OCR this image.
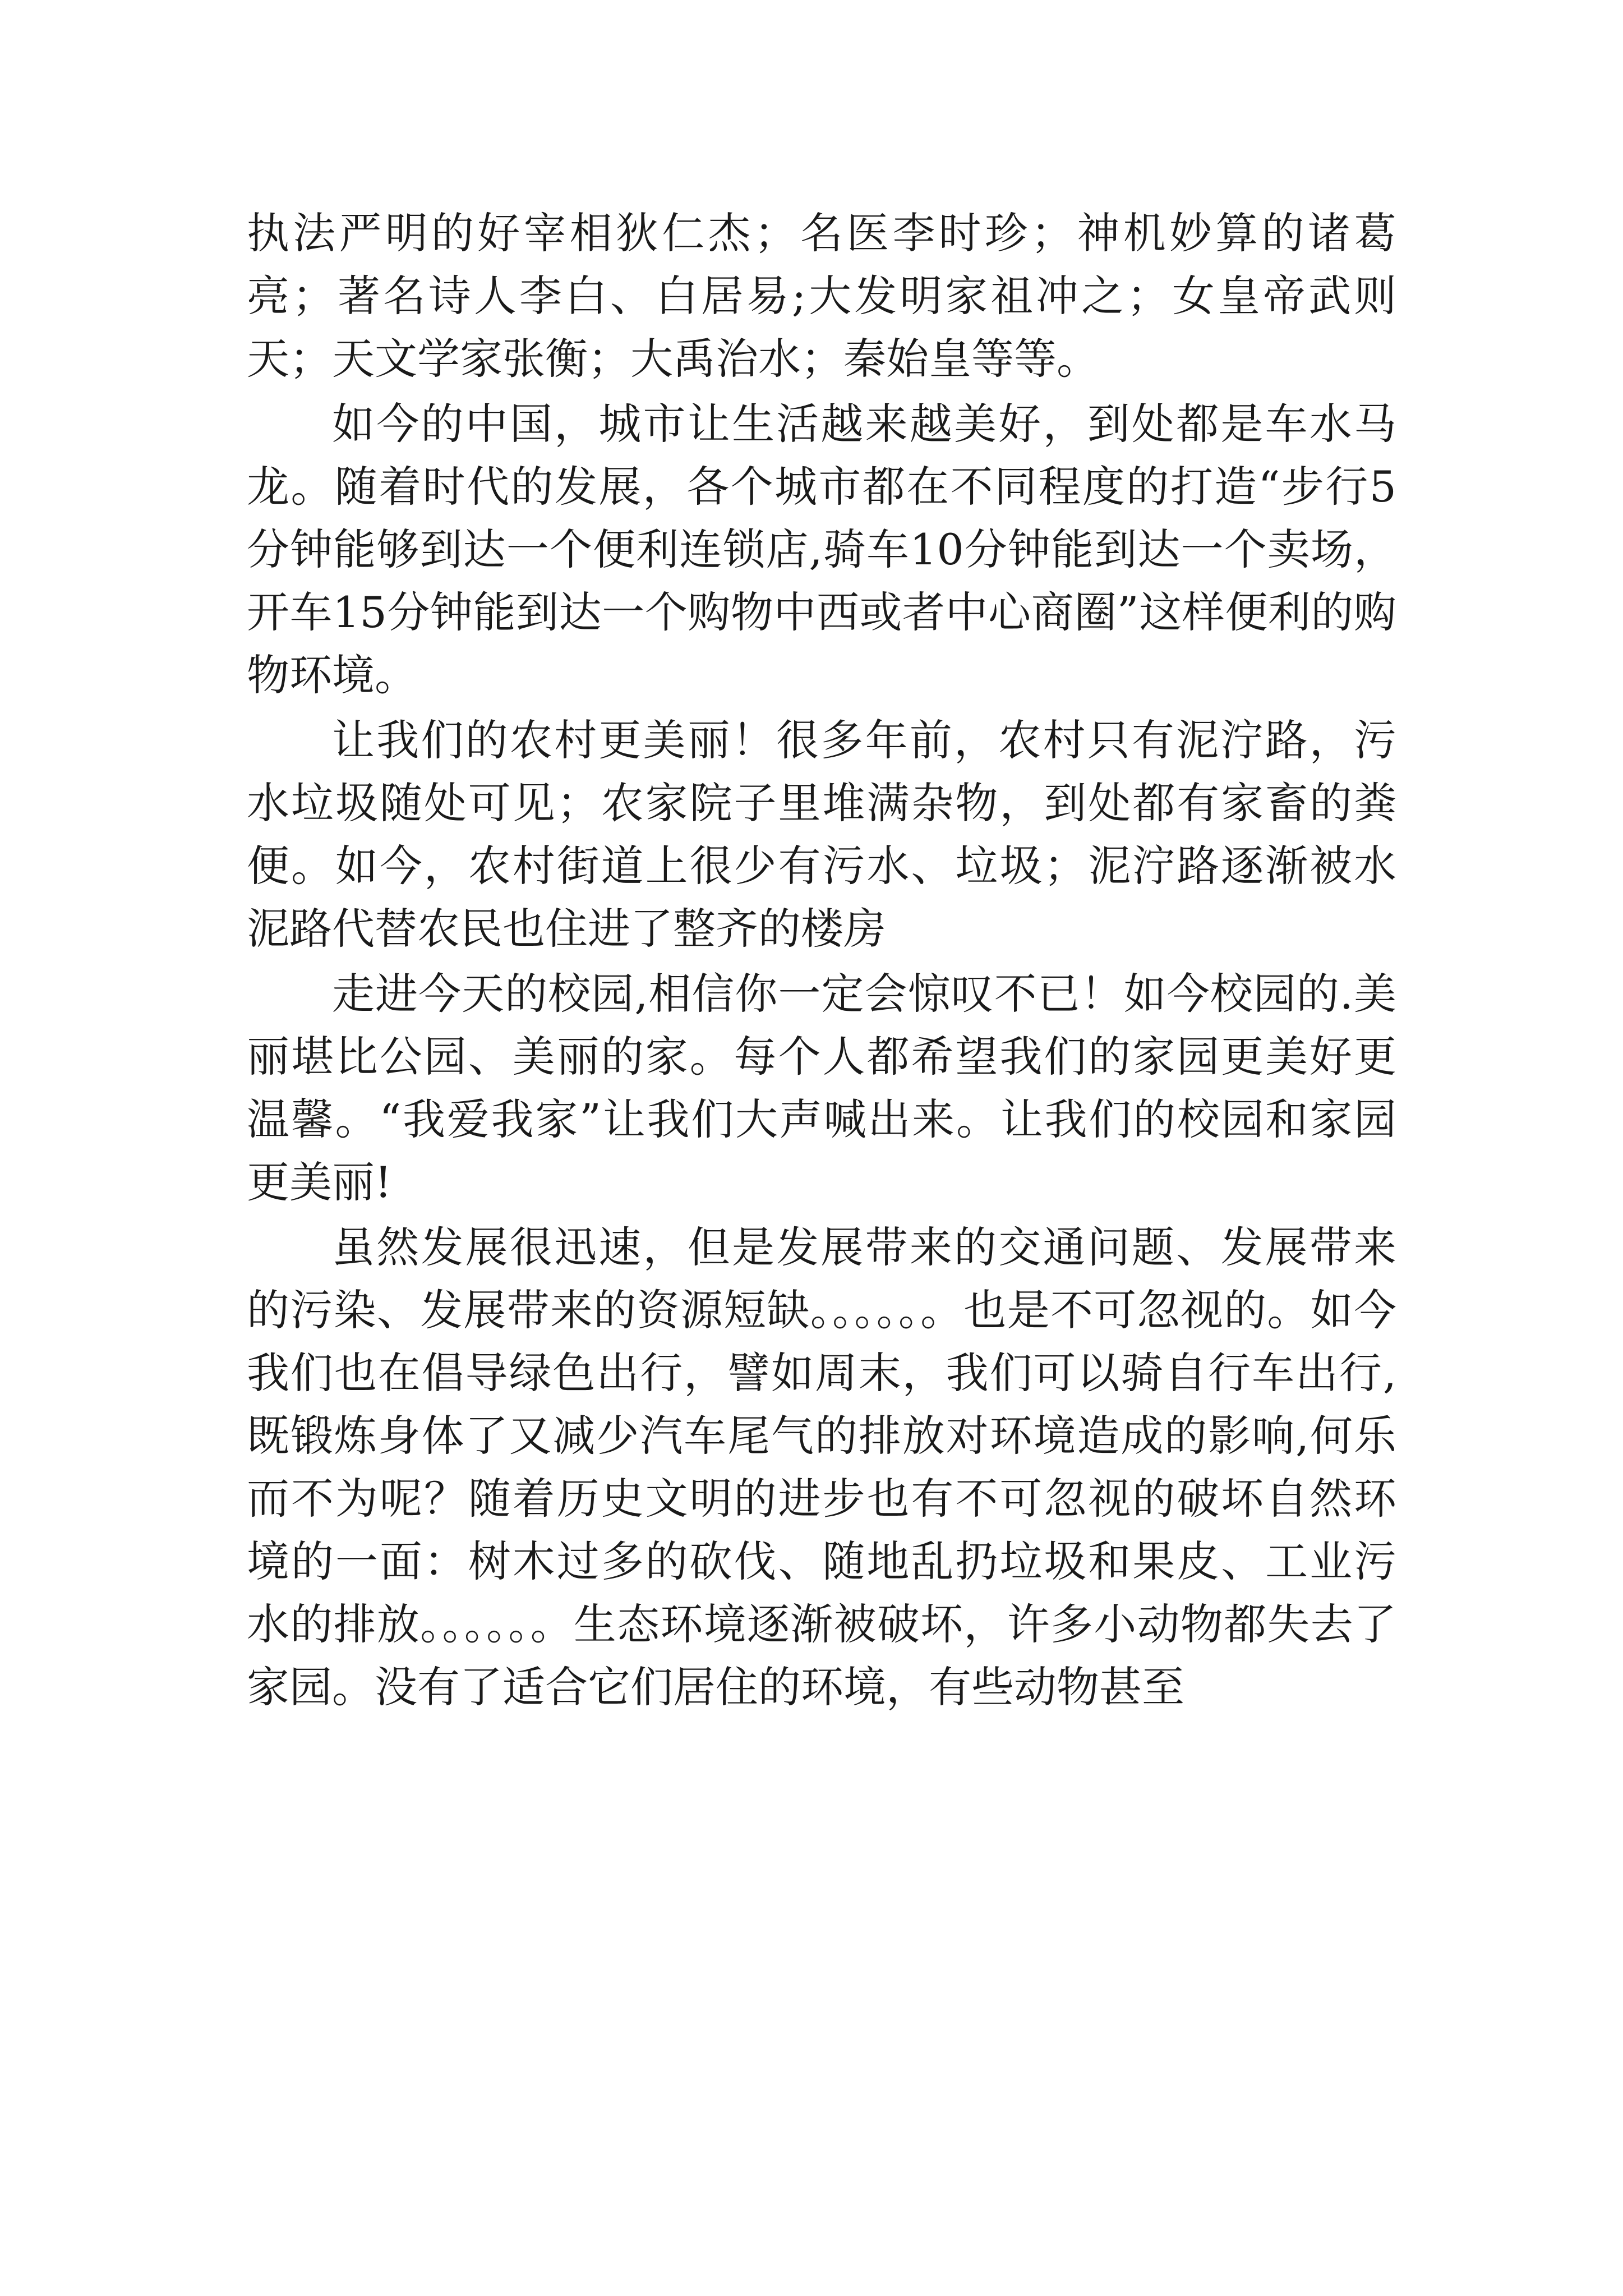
执法严明的好宰相狄仁杰；名医李时珍；神机妙算的诸葛亮；著名诗人李白、白居易;大发明家祖冲之；女皇帝武则天；天文学家张衡；大禹治水；秦始皇等等。

如今的中国，城市让生活越来越美好，到处都是车水马龙。随着时代的发展，各个城市都在不同程度的打造“步行5分钟能够到达一个便利连锁店,骑车10分钟能到达一个卖场，开车15分钟能到达一个购物中西或者中心商圈”这样便利的购物环境。

让我们的农村更美丽！很多年前，农村只有泥泞路，污水垃圾随处可见；农家院子里堆满杂物，到处都有家畜的粪便。如今，农村街道上很少有污水、垃圾；泥泞路逐渐被水泥路代替农民也住进了整齐的楼房

走进今天的校园,相信你一定会惊叹不已！如今校园的.美丽堪比公园、美丽的家。每个人都希望我们的家园更美好更温馨。“我爱我家”让我们大声喊出来。让我们的校园和家园更美丽!

虽然发展很迅速，但是发展带来的交通问题、发展带来的污染、发展带来的资源短缺。。。。。。也是不可忽视的。如今我们也在倡导绿色出行，譬如周末，我们可以骑自行车出行,既锻炼身体了又减少汽车尾气的排放对环境造成的影响,何乐而不为呢？随着历史文明的进步也有不可忽视的破坏自然环境的一面：树木过多的砍伐、随地乱扔垃圾和果皮、工业污水的排放。。。。。。生态环境逐渐被破坏，许多小动物都失去了家园。没有了适合它们居住的环境，有些动物甚至
